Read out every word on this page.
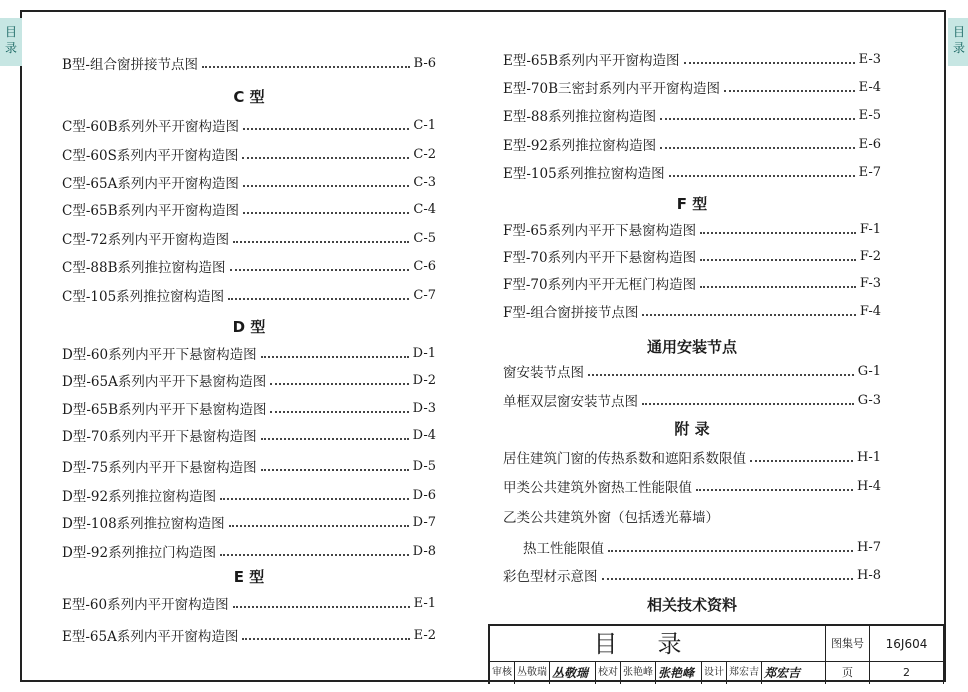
目录
目录
B型-组合窗拼接节点图	B-6
C 型
C型-60B系列外平开窗构造图	C-1
C型-60S系列内平开窗构造图	C-2
C型-65A系列内平开窗构造图	C-3
C型-65B系列内平开窗构造图	C-4
C型-72系列内平开窗构造图	C-5
C型-88B系列推拉窗构造图	C-6
C型-105系列推拉窗构造图	C-7
D 型
D型-60系列内平开下悬窗构造图	D-1
D型-65A系列内平开下悬窗构造图	D-2
D型-65B系列内平开下悬窗构造图	D-3
D型-70系列内平开下悬窗构造图	D-4
D型-75系列内平开下悬窗构造图	D-5
D型-92系列推拉窗构造图	D-6
D型-108系列推拉窗构造图	D-7
D型-92系列推拉门构造图	D-8
E 型
E型-60系列内平开窗构造图	E-1
E型-65A系列内平开窗构造图	E-2
E型-65B系列内平开窗构造图	E-3
E型-70B三密封系列内平开窗构造图	E-4
E型-88系列推拉窗构造图	E-5
E型-92系列推拉窗构造图	E-6
E型-105系列推拉窗构造图	E-7
F 型
F型-65系列内平开下悬窗构造图	F-1
F型-70系列内平开下悬窗构造图	F-2
F型-70系列内平开无框门构造图	F-3
F型-组合窗拼接节点图	F-4
通用安装节点
窗安装节点图	G-1
单框双层窗安装节点图	G-3
附 录
居住建筑门窗的传热系数和遮阳系数限值	H-1
甲类公共建筑外窗热工性能限值	H-4
乙类公共建筑外窗（包括透光幕墙）
热工性能限值	H-7
彩色型材示意图	H-8
相关技术资料
目录	图集号	16J604
页	2
审核 丛敬瑞 丛敬瑞 校对 张艳峰 张艳峰 设计 郑宏吉 郑宏吉
